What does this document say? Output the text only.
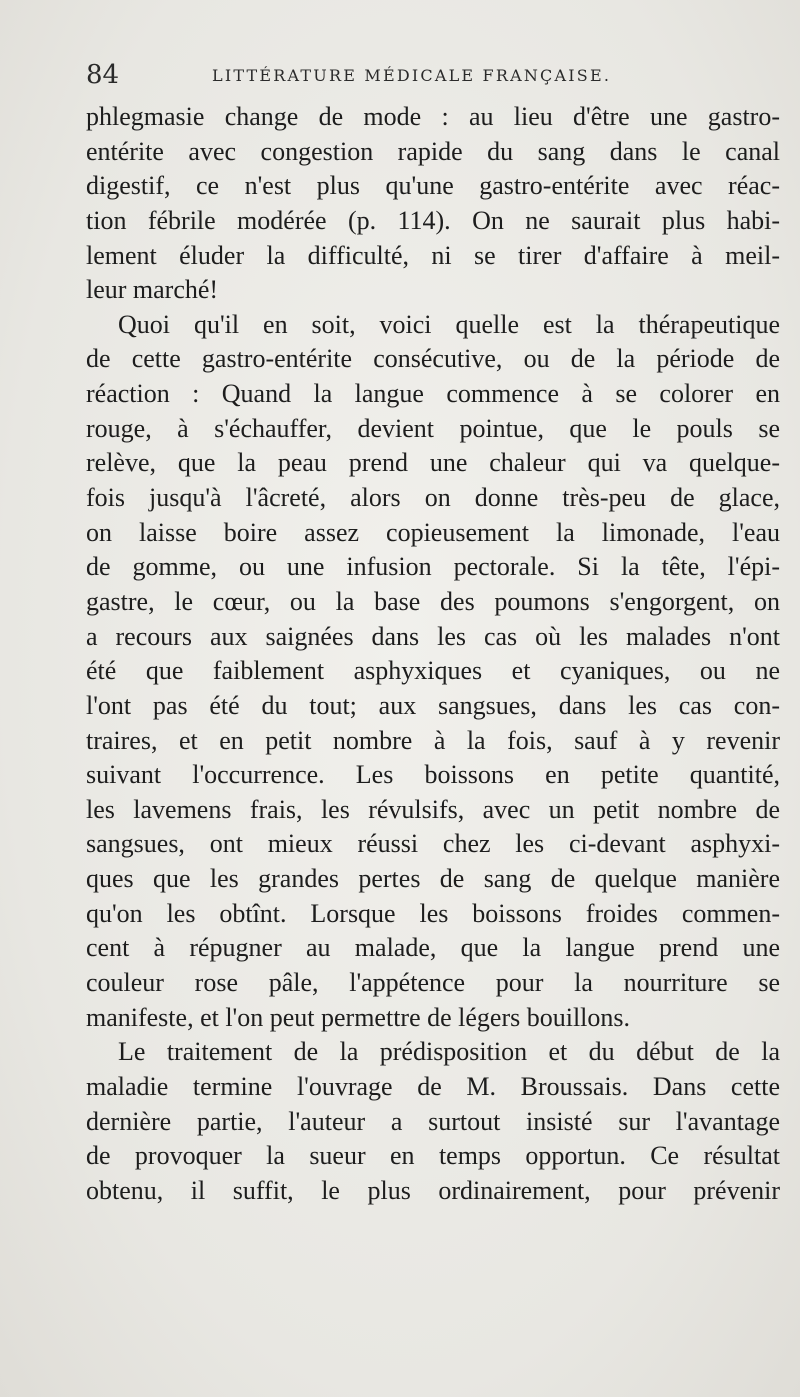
84	LITTÉRATURE MÉDICALE FRANÇAISE.
phlegmasie change de mode : au lieu d'être une gastro-
entérite avec congestion rapide du sang dans le canal
digestif, ce n'est plus qu'une gastro-entérite avec réac-
tion fébrile modérée (p. 114). On ne saurait plus habi-
lement éluder la difficulté, ni se tirer d'affaire à meil-
leur marché!
Quoi qu'il en soit, voici quelle est la thérapeutique
de cette gastro-entérite consécutive, ou de la période de
réaction : Quand la langue commence à se colorer en
rouge, à s'échauffer, devient pointue, que le pouls se
relève, que la peau prend une chaleur qui va quelque-
fois jusqu'à l'âcreté, alors on donne très-peu de glace,
on laisse boire assez copieusement la limonade, l'eau
de gomme, ou une infusion pectorale. Si la tête, l'épi-
gastre, le cœur, ou la base des poumons s'engorgent, on
a recours aux saignées dans les cas où les malades n'ont
été que faiblement asphyxiques et cyaniques, ou ne
l'ont pas été du tout; aux sangsues, dans les cas con-
traires, et en petit nombre à la fois, sauf à y revenir
suivant l'occurrence. Les boissons en petite quantité,
les lavemens frais, les révulsifs, avec un petit nombre de
sangsues, ont mieux réussi chez les ci-devant asphyxi-
ques que les grandes pertes de sang de quelque manière
qu'on les obtînt. Lorsque les boissons froides commen-
cent à répugner au malade, que la langue prend une
couleur rose pâle, l'appétence pour la nourriture se
manifeste, et l'on peut permettre de légers bouillons.
Le traitement de la prédisposition et du début de la
maladie termine l'ouvrage de M. Broussais. Dans cette
dernière partie, l'auteur a surtout insisté sur l'avantage
de provoquer la sueur en temps opportun. Ce résultat
obtenu, il suffit, le plus ordinairement, pour prévenir
